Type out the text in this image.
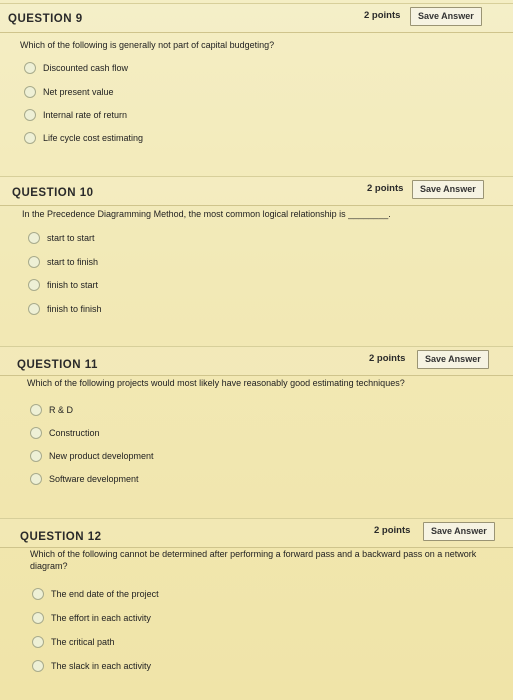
QUESTION 9	2 points	Save Answer
Which of the following is generally not part of capital budgeting?
Discounted cash flow
Net present value
Internal rate of return
Life cycle cost estimating
QUESTION 10	2 points	Save Answer
In the Precedence Diagramming Method, the most common logical relationship is ________.
start to start
start to finish
finish to start
finish to finish
QUESTION 11
2 points	Save Answer
Which of the following projects would most likely have reasonably good estimating techniques?
R & D
Construction
New product development
Software development
QUESTION 12
2 points	Save Answer
Which of the following cannot be determined after performing a forward pass and a backward pass on a network diagram?
The end date of the project
The effort in each activity
The critical path
The slack in each activity
